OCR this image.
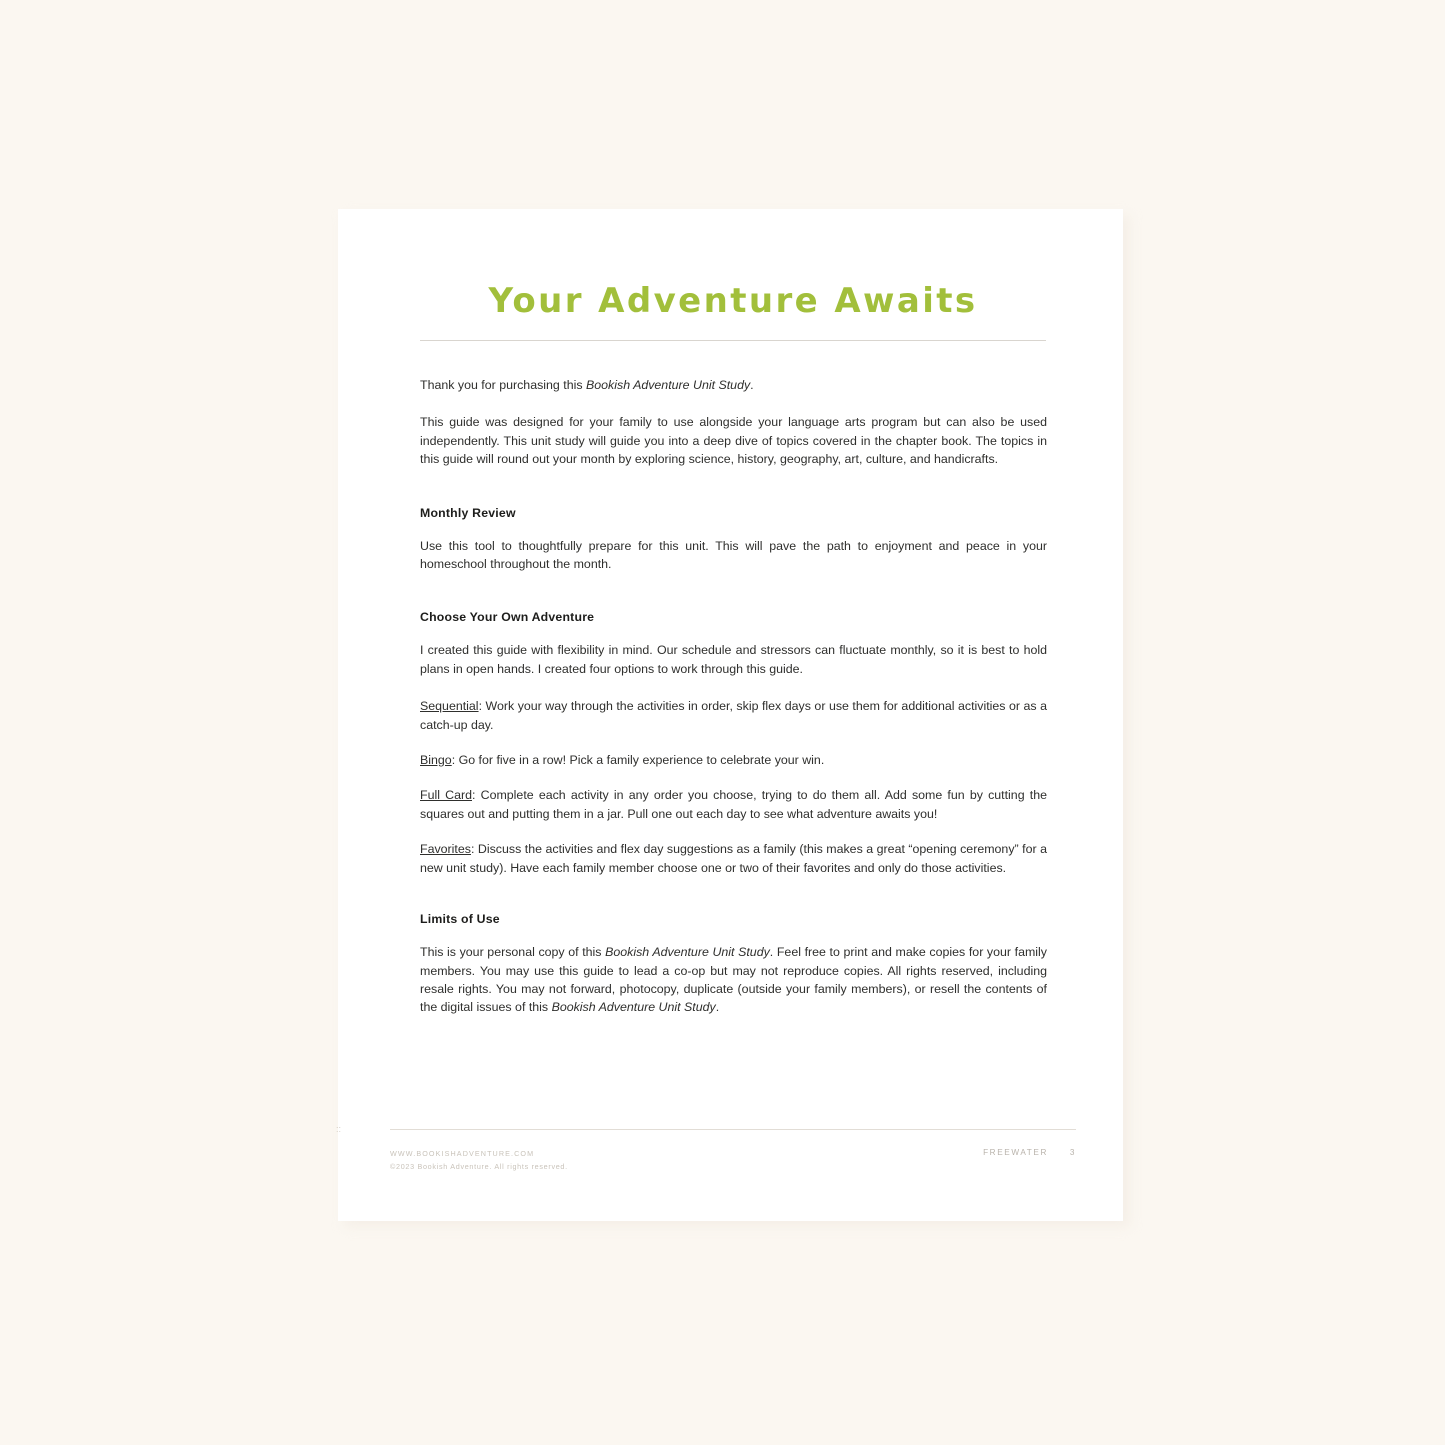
Your Adventure Awaits

Thank you for purchasing this Bookish Adventure Unit Study.

This guide was designed for your family to use alongside your language arts program but can also be used independently. This unit study will guide you into a deep dive of topics covered in the chapter book. The topics in this guide will round out your month by exploring science, history, geography, art, culture, and handicrafts.

Monthly Review

Use this tool to thoughtfully prepare for this unit. This will pave the path to enjoyment and peace in your homeschool throughout the month.

Choose Your Own Adventure

I created this guide with flexibility in mind. Our schedule and stressors can fluctuate monthly, so it is best to hold plans in open hands. I created four options to work through this guide.

Sequential: Work your way through the activities in order, skip flex days or use them for additional activities or as a catch-up day.

Bingo: Go for five in a row! Pick a family experience to celebrate your win.

Full Card: Complete each activity in any order you choose, trying to do them all. Add some fun by cutting the squares out and putting them in a jar. Pull one out each day to see what adventure awaits you!

Favorites: Discuss the activities and flex day suggestions as a family (this makes a great “opening ceremony” for a new unit study). Have each family member choose one or two of their favorites and only do those activities.

Limits of Use

This is your personal copy of this Bookish Adventure Unit Study. Feel free to print and make copies for your family members. You may use this guide to lead a co-op but may not reproduce copies. All rights reserved, including resale rights. You may not forward, photocopy, duplicate (outside your family members), or resell the contents of the digital issues of this Bookish Adventure Unit Study.

WWW.BOOKISHADVENTURE.COM
©2023 Bookish Adventure. All rights reserved.
FREEWATER	3
::
